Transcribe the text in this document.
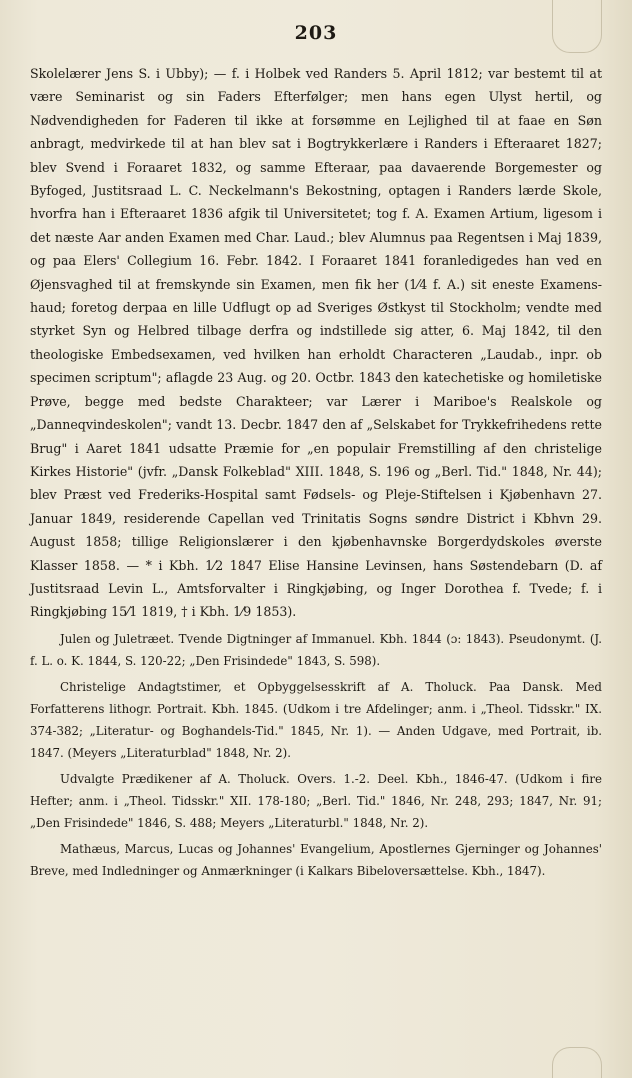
203

Skolelærer Jens S. i Ubby); — f. i Holbek ved Randers 5. April 1812; var bestemt til at være Seminarist og sin Faders Efterfølger; men hans egen Ulyst hertil, og Nødvendigheden for Faderen til ikke at forsømme en Lejlighed til at faae en Søn anbragt, medvirkede til at han blev sat i Bogtrykkerlære i Randers i Efteraaret 1827; blev Svend i Foraaret 1832, og samme Efteraar, paa davaerende Borgemester og Byfoged, Justitsraad L. C. Neckelmann's Bekostning, optagen i Randers lærde Skole, hvorfra han i Efteraaret 1836 afgik til Universitetet; tog f. A. Examen Artium, ligesom i det næste Aar anden Examen med Char. Laud.; blev Alumnus paa Regentsen i Maj 1839, og paa Elers' Collegium 16. Febr. 1842. I Foraaret 1841 foranledigedes han ved en Øjensvaghed til at fremskynde sin Examen, men fik her (1⁄4 f. A.) sit eneste Examens-haud; foretog derpaa en lille Udflugt op ad Sveriges Østkyst til Stockholm; vendte med styrket Syn og Helbred tilbage derfra og indstillede sig atter, 6. Maj 1842, til den theologiske Embedsexamen, ved hvilken han erholdt Characteren „Laudab., inpr. ob specimen scriptum"; aflagde 23 Aug. og 20. Octbr. 1843 den katechetiske og homiletiske Prøve, begge med bedste Charakteer; var Lærer i Mariboe's Realskole og „Danneqvindeskolen"; vandt 13. Decbr. 1847 den af „Selskabet for Trykkefrihedens rette Brug" i Aaret 1841 udsatte Præmie for „en populair Fremstilling af den christelige Kirkes Historie" (jvfr. „Dansk Folkeblad" XIII. 1848, S. 196 og „Berl. Tid." 1848, Nr. 44); blev Præst ved Frederiks-Hospital samt Fødsels- og Pleje-Stiftelsen i Kjøbenhavn 27. Januar 1849, residerende Capellan ved Trinitatis Sogns søndre District i Kbhvn 29. August 1858; tillige Religionslærer i den kjøbenhavnske Borgerdydskoles øverste Klasser 1858. — * i Kbh. 1⁄2 1847 Elise Hansine Levinsen, hans Søstendebarn (D. af Justitsraad Levin L., Amtsforvalter i Ringkjøbing, og Inger Dorothea f. Tvede; f. i Ringkjøbing 15⁄1 1819, † i Kbh. 1⁄9 1853).

Julen og Juletræet. Tvende Digtninger af Immanuel. Kbh. 1844 (ɔ: 1843). Pseudonymt. (J. f. L. o. K. 1844, S. 120-22; „Den Frisindede" 1843, S. 598).

Christelige Andagtstimer, et Opbyggelsesskrift af A. Tholuck. Paa Dansk. Med Forfatterens lithogr. Portrait. Kbh. 1845. (Udkom i tre Afdelinger; anm. i „Theol. Tidsskr." IX. 374-382; „Literatur- og Boghandels-Tid." 1845, Nr. 1). — Anden Udgave, med Portrait, ib. 1847. (Meyers „Literaturblad" 1848, Nr. 2).

Udvalgte Prædikener af A. Tholuck. Overs. 1.-2. Deel. Kbh., 1846-47. (Udkom i fire Hefter; anm. i „Theol. Tidsskr." XII. 178-180; „Berl. Tid." 1846, Nr. 248, 293; 1847, Nr. 91; „Den Frisindede" 1846, S. 488; Meyers „Literaturbl." 1848, Nr. 2).

Mathæus, Marcus, Lucas og Johannes' Evangelium, Apostlernes Gjerninger og Johannes' Breve, med Indledninger og Anmærkninger (i Kalkars Bibeloversættelse. Kbh., 1847).
